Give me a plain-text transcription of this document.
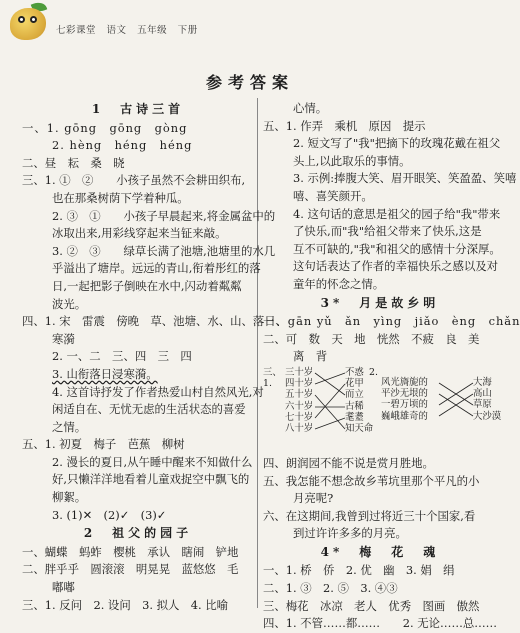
七彩课堂 语文 五年级 下册
参考答案
1　古诗三首
一、1. gōng　gōng　gòng
2. hèng　héng　héng
二、昼　耘　桑　晓
三、1. ①　②　　小孩子虽然不会耕田织布,
也在那桑树荫下学着种瓜。
2. ③　①　　小孩子早晨起来,将金属盆中的
冰取出来,用彩线穿起来当钲来敲。
3. ②　③　　绿草长满了池塘,池塘里的水几
乎溢出了塘岸。远远的青山,衔着彤红的落
日,一起把影子倒映在水中,闪动着粼粼
波光。
四、1. 宋　雷震　傍晚　草、池塘、水、山、落日、
寒漪
2. 一、二　三、四　三　四
3. 山衔落日浸寒漪。
4. 这首诗抒发了作者热爱山村自然风光,对
闲适自在、无忧无虑的生活状态的喜爱
之情。
五、1. 初夏　梅子　芭蕉　柳树
2. 漫长的夏日,从午睡中醒来不知做什么
好,只懒洋洋地看着儿童戏捉空中飘飞的
柳絮。
3. (1)✕　(2)✓　(3)✓
2　祖父的园子
一、蝴蝶　蚂蚱　樱桃　承认　瞎闹　铲地
二、胖乎乎　圆滚滚　明晃晃　蓝悠悠　毛
嘟嘟
三、1. 反问　2. 设问　3. 拟人　4. 比喻
心情。
五、1. 作弄　乘机　原因　提示
2. 短文写了"我"把摘下的玫瑰花戴在祖父
头上,以此取乐的事情。
3. 示例:捧腹大笑、眉开眼笑、笑盈盈、笑嘻
嘻、喜笑颜开。
4. 这句话的意思是祖父的园子给"我"带来
了快乐,而"我"给祖父带来了快乐,这是
互不可缺的,"我"和祖父的感情十分深厚。
这句话表达了作者的幸福快乐之感以及对
童年的怀念之情。
3*　月是故乡明
一、gān yǔ　ǎn　yìng　jiǎo　èng　chǎn
二、可　数　天　地　恍然　不疲　良　美
离　背
三、1.
三十岁
四十岁
五十岁
六十岁
七十岁
八十岁
不惑
花甲
而立
古稀
耄耋
知天命
2.
风光旖旎的
平沙无垠的
一碧万顷的
巍峨雄奇的
大海
高山
草原
大沙漠
四、朗润园不能不说是赏月胜地。
五、我怎能不想念故乡苇坑里那个平凡的小
月亮呢?
六、在这期间,我曾到过将近三十个国家,看
到过许许多多的月亮。
4*　梅　花　魂
一、1. 桥　侨　2. 优　幽　3. 娟　绢
二、1. ③　2. ⑤　3. ④③
三、梅花　冰凉　老人　优秀　图画　傲然
四、1. 不管……都……　　2. 无论……总……
